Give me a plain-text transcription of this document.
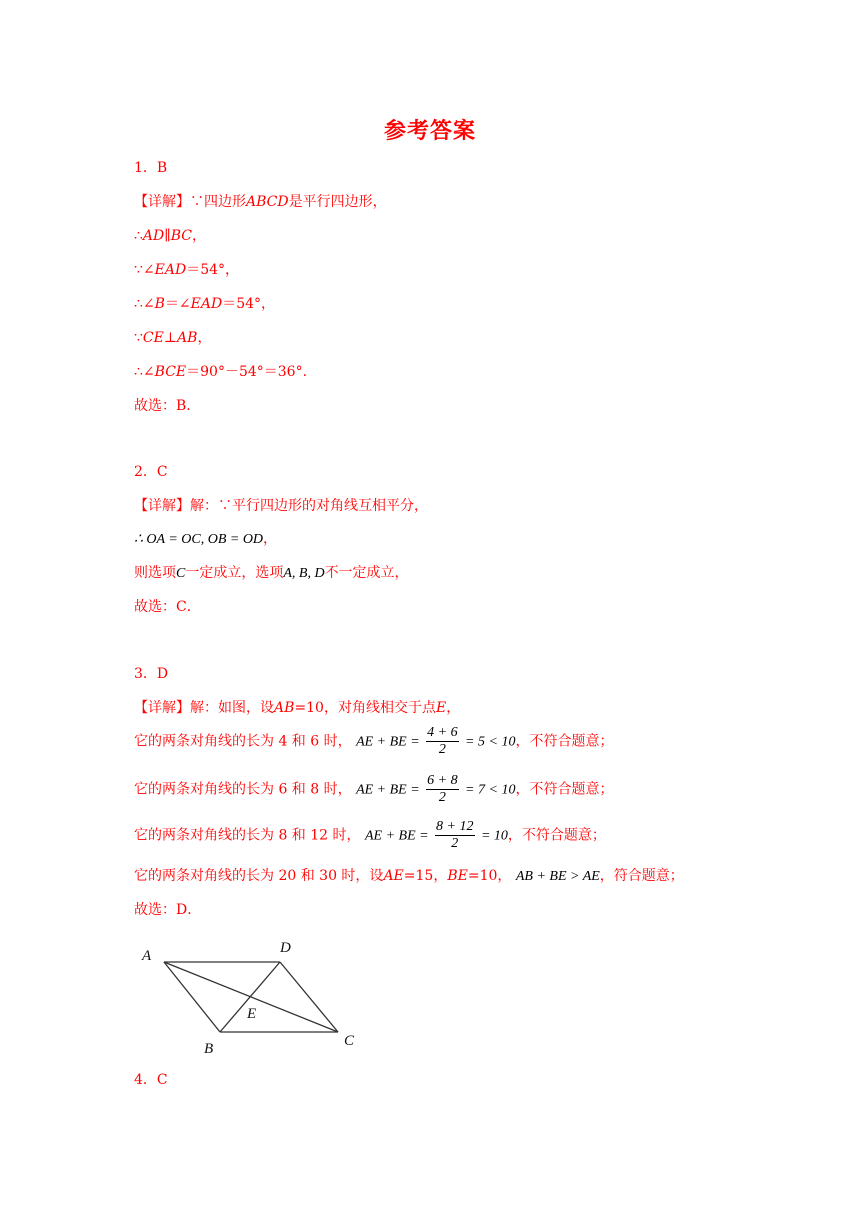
参考答案
1．B
【详解】∵四边形ABCD是平行四边形，
∴AD∥BC，
∵∠EAD＝54°，
∴∠B＝∠EAD＝54°，
∵CE⊥AB，
∴∠BCE＝90°－54°＝36°.
故选：B．
2．C
【详解】解：∵平行四边形的对角线互相平分，
∴ OA = OC, OB = OD，
则选项C一定成立，选项A, B, D不一定成立，
故选：C．
3．D
【详解】解：如图，设AB=10，对角线相交于点E，
它的两条对角线的长为 4 和 6 时， AE + BE = $\frac{4 + 6}{2} = 5 < 10$，不符合题意；
它的两条对角线的长为 6 和 8 时， AE + BE = $\frac{6 + 8}{2} = 7 < 10$，不符合题意；
它的两条对角线的长为 8 和 12 时， AE + BE = $\frac{8 + 12}{2} = 10$，不符合题意；
它的两条对角线的长为 20 和 30 时，设AE=15，BE=10， AB + BE > AE，符合题意；
故选：D．
A
B	C
D
E
4．C
